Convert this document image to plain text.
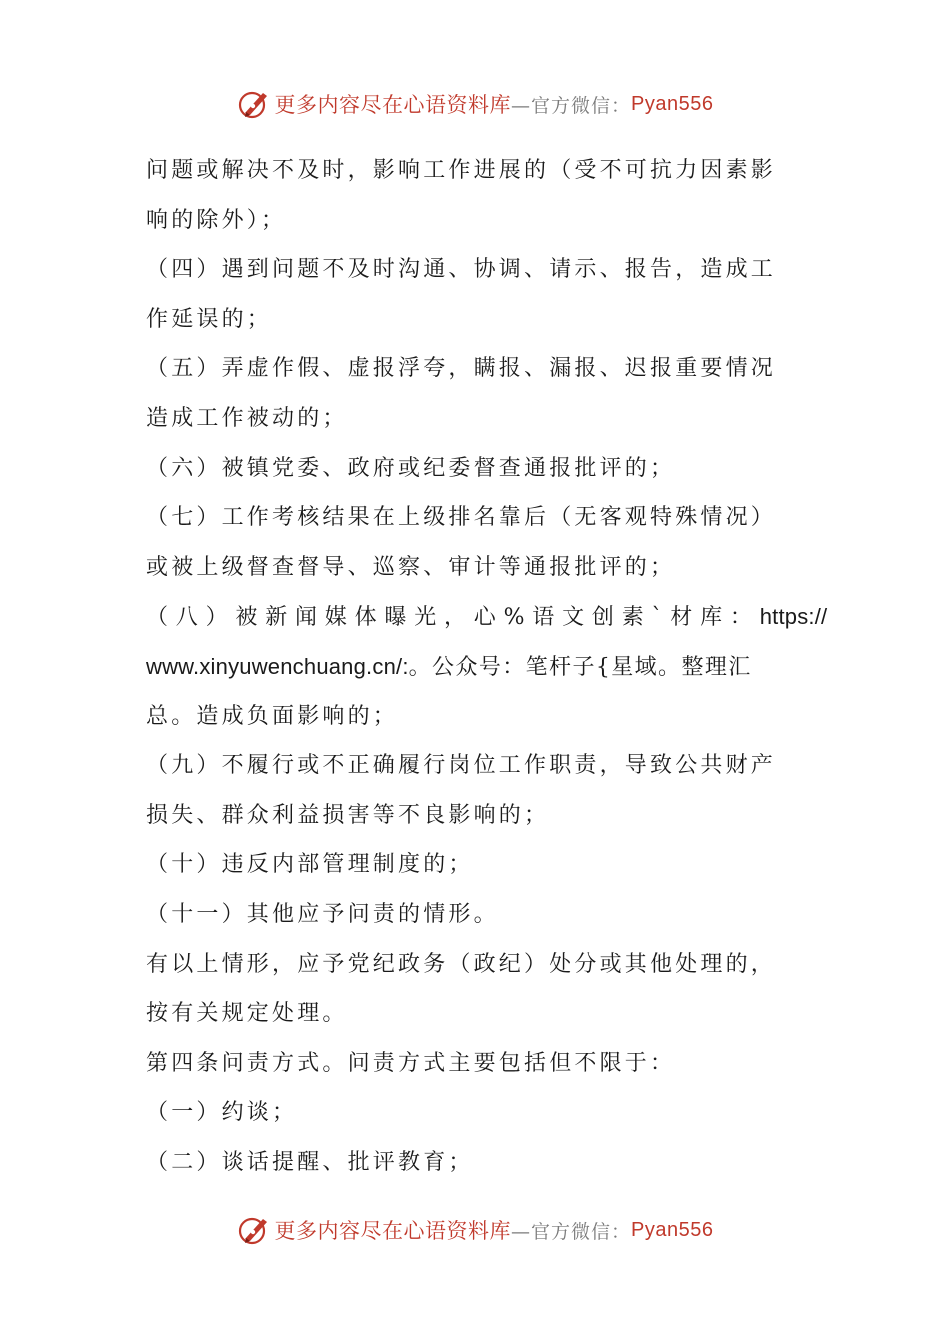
更多内容尽在心语资料库 —官方微信： Pyan556
问题或解决不及时，影响工作进展的（受不可抗力因素影
响的除外）；
（四）遇到问题不及时沟通、协调、请示、报告，造成工
作延误的；
（五）弄虚作假、虚报浮夸，瞒报、漏报、迟报重要情况
造成工作被动的；
（六）被镇党委、政府或纪委督查通报批评的；
（七）工作考核结果在上级排名靠后（无客观特殊情况）
或被上级督查督导、巡察、审计等通报批评的；
（八）被新闻媒体曝光，心%语文创素`材库：https://
www.xinyuwenchuang.cn/:。公众号：笔杆子{星域。整理汇
总。造成负面影响的；
（九）不履行或不正确履行岗位工作职责，导致公共财产
损失、群众利益损害等不良影响的；
（十）违反内部管理制度的；
（十一）其他应予问责的情形。
有以上情形，应予党纪政务（政纪）处分或其他处理的，
按有关规定处理。
第四条问责方式。问责方式主要包括但不限于：
（一）约谈；
（二）谈话提醒、批评教育；
更多内容尽在心语资料库 —官方微信： Pyan556
